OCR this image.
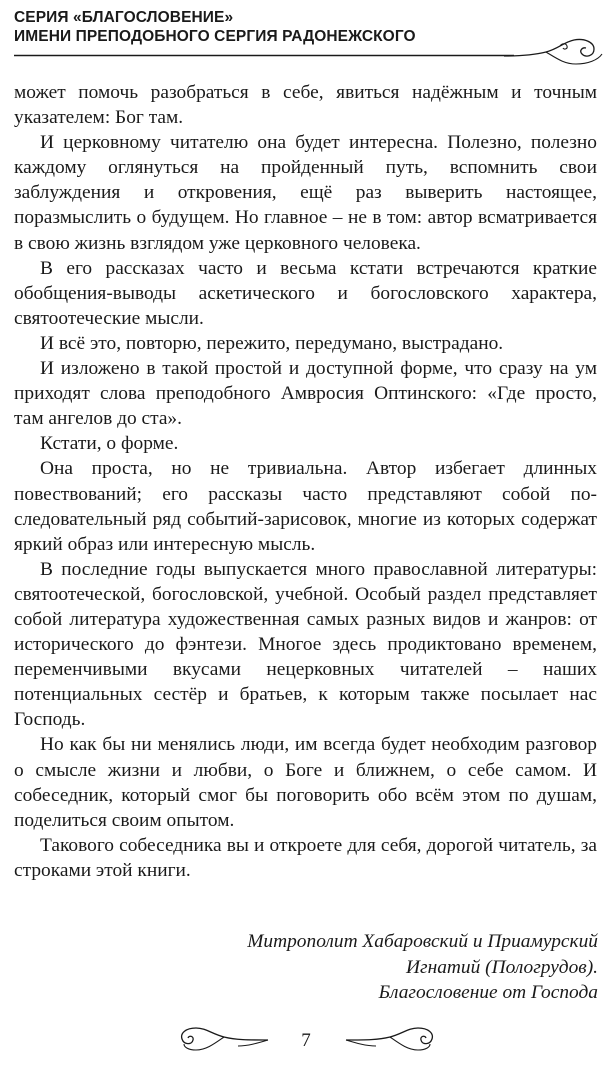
СЕРИЯ «БЛАГОСЛОВЕНИЕ»
ИМЕНИ ПРЕПОДОБНОГО СЕРГИЯ РАДОНЕЖСКОГО

может помочь разобраться в себе, явиться надёжным и точным указателем: Бог там.

И церковному читателю она будет интересна. Полезно, полезно каждому оглянуться на пройденный путь, вспомнить свои заблуждения и откровения, ещё раз выверить настоящее, поразмыслить о будущем. Но главное – не в том: автор всматривается в свою жизнь взглядом уже церковного человека.

В его рассказах часто и весьма кстати встречаются краткие обобщения-выводы аскетического и богословского характера, святоотеческие мысли.

И всё это, повторю, пережито, передумано, выстрадано.

И изложено в такой простой и доступной форме, что сразу на ум приходят слова преподобного Амвросия Оптинского: «Где просто, там ангелов до ста».

Кстати, о форме.

Она проста, но не тривиальна. Автор избегает длинных повествований; его рассказы часто представляют собой последовательный ряд событий-зарисовок, многие из которых содержат яркий образ или интересную мысль.

В последние годы выпускается много православной литературы: святоотеческой, богословской, учебной. Особый раздел представляет собой литература художественная самых разных видов и жанров: от исторического до фэнтези. Многое здесь продиктовано временем, переменчивыми вкусами нецерковных читателей – наших потенциальных сестёр и братьев, к которым также посылает нас Господь.

Но как бы ни менялись люди, им всегда будет необходим разговор о смысле жизни и любви, о Боге и ближнем, о себе самом. И собеседник, который смог бы поговорить обо всём этом по душам, поделиться своим опытом.

Такового собеседника вы и откроете для себя, дорогой читатель, за строками этой книги.

Митрополит Хабаровский и Приамурский
Игнатий (Пологрудов).
Благословение от Господа
7
